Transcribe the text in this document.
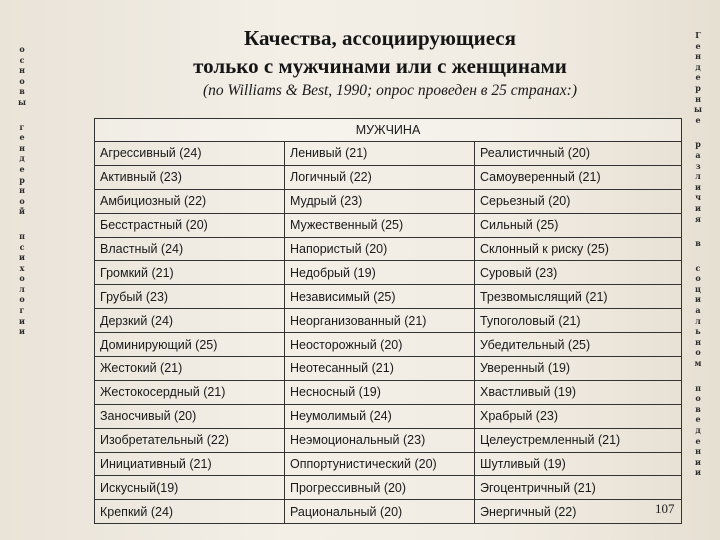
о
с
н
о
в
ы
г
е
н
д
е
р
н
о
й
п
с
и
х
о
л
о
г
и
и
Г
е
н
д
е
р
н
ы
е
р
а
з
л
и
ч
и
я
в
с
о
ц
и
а
л
ь
н
о
м
п
о
в
е
д
е
н
и
и
Качества, ассоциирующиеся
только с мужчинами или с женщинами
(по Williams & Best, 1990; опрос проведен в 25 странах:)
МУЖЧИНА		
Агрессивный (24)	Ленивый (21)	Реалистичный (20)
Активный (23)	Логичный (22)	Самоуверенный (21)
Амбициозный (22)	Мудрый (23)	Серьезный (20)
Бесстрастный (20)	Мужественный (25)	Сильный (25)
Властный (24)	Напористый (20)	Склонный к риску (25)
Громкий (21)	Недобрый (19)	Суровый (23)
Грубый (23)	Независимый (25)	Трезвомыслящий (21)
Дерзкий (24)	Неорганизованный (21)	Тупоголовый (21)
Доминирующий (25)	Неосторожный (20)	Убедительный (25)
Жестокий (21)	Неотесанный (21)	Уверенный (19)
Жестокосердный (21)	Несносный (19)	Хвастливый (19)
Заносчивый (20)	Неумолимый (24)	Храбрый (23)
Изобретательный (22)	Неэмоциональный (23)	Целеустремленный (21)
Инициативный (21)	Оппортунистический (20)	Шутливый (19)
Искусный(19)	Прогрессивный (20)	Эгоцентричный (21)
Крепкий (24)	Рациональный (20)	Энергичный (22)	107
